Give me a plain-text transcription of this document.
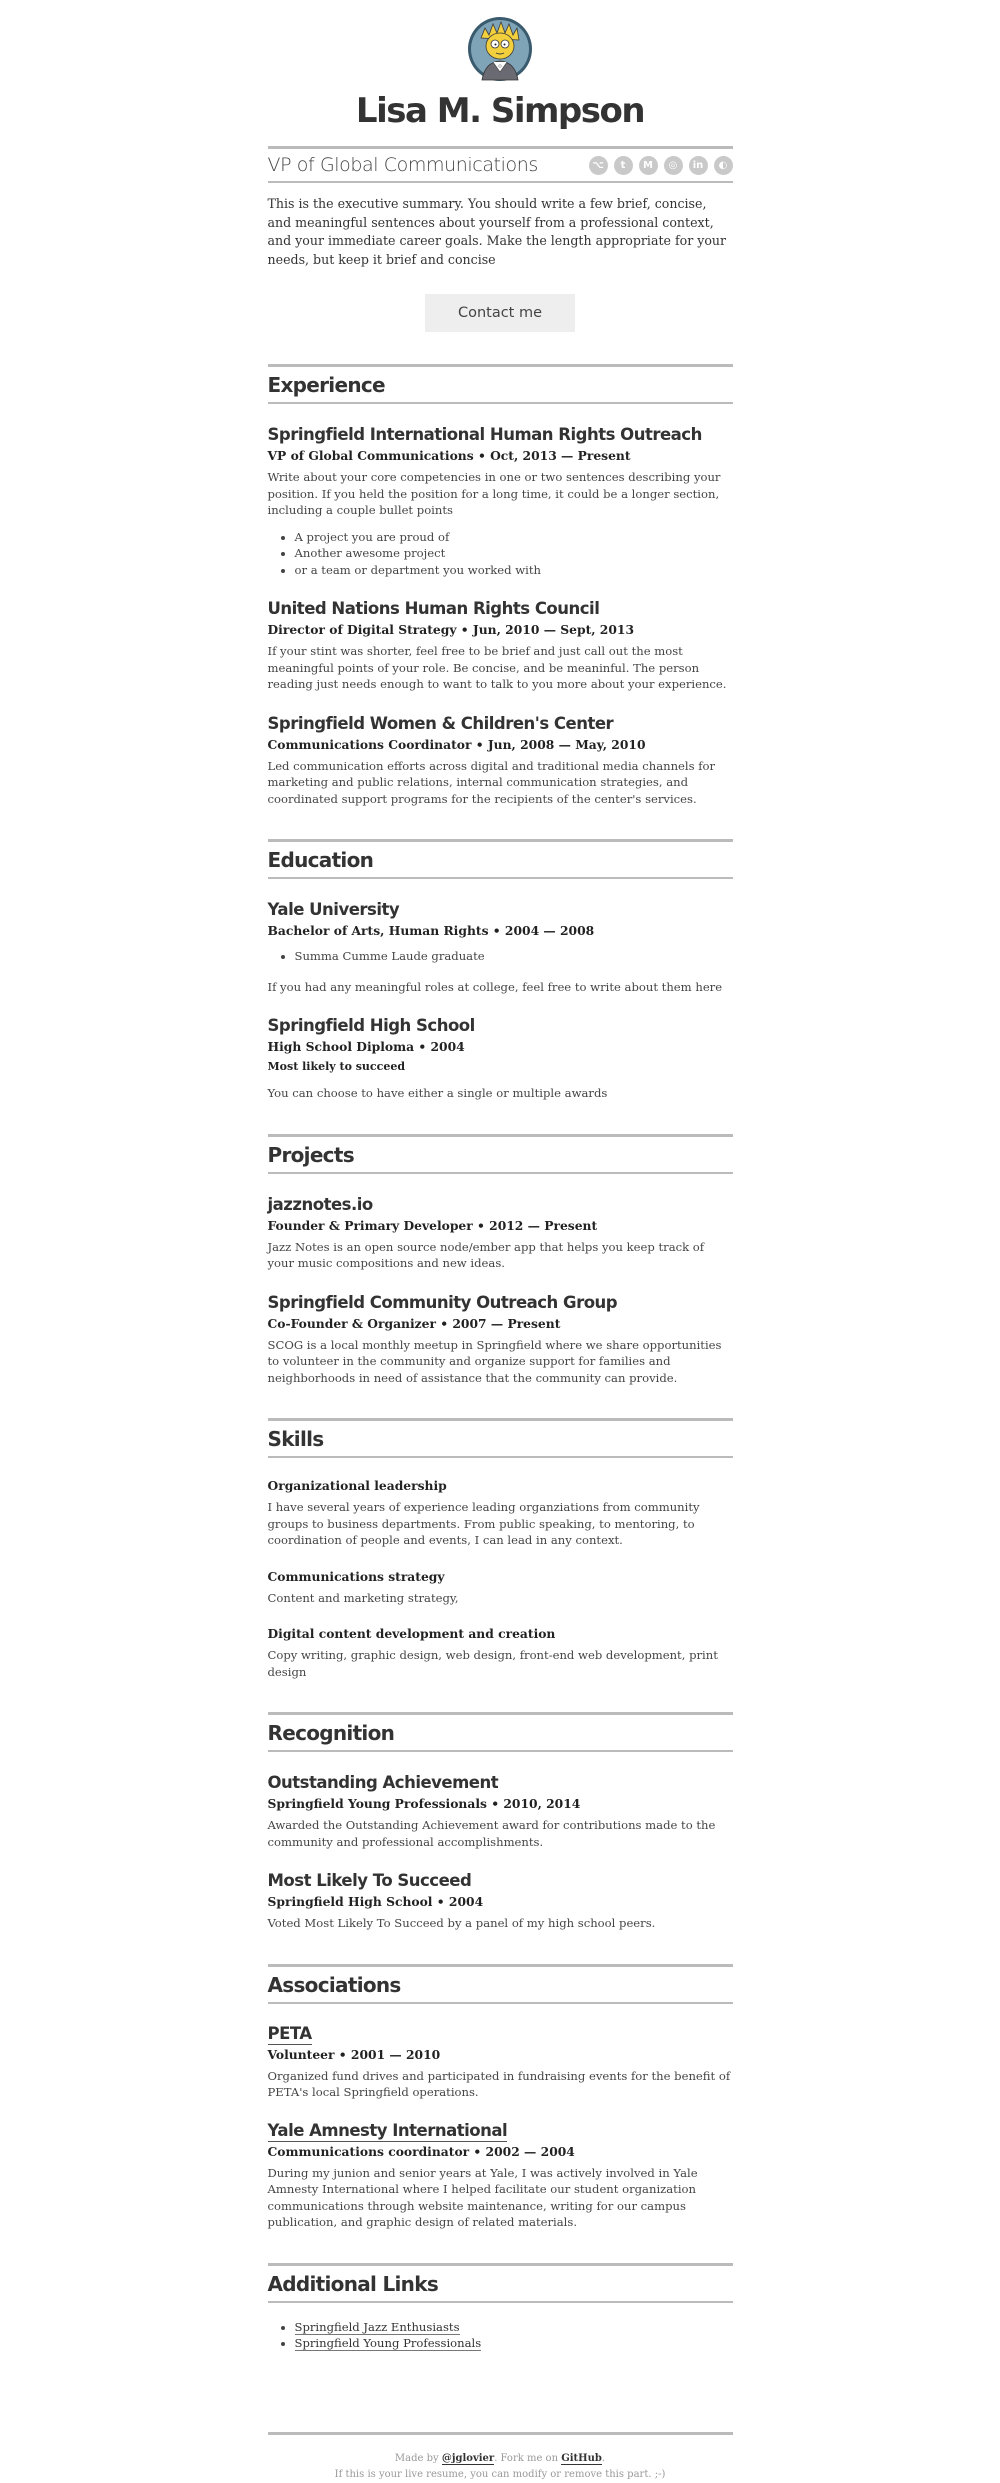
Lisa M. Simpson
VP of Global Communications	⌥	t	M	◎	in	◐

This is the executive summary. You should write a few brief, concise, and meaningful sentences about yourself from a professional context, and your immediate career goals. Make the length appropriate for your needs, but keep it brief and concise

Contact me
Experience
Springfield International Human Rights Outreach
VP of Global Communications • Oct, 2013 — Present

Write about your core competencies in one or two sentences describing your position. If you held the position for a long time, it could be a longer section, including a couple bullet points

• A project you are proud of
• Another awesome project
• or a team or department you worked with
United Nations Human Rights Council
Director of Digital Strategy • Jun, 2010 — Sept, 2013

If your stint was shorter, feel free to be brief and just call out the most meaningful points of your role. Be concise, and be meaninful. The person reading just needs enough to want to talk to you more about your experience.

Springfield Women & Children's Center
Communications Coordinator • Jun, 2008 — May, 2010

Led communication efforts across digital and traditional media channels for marketing and public relations, internal communication strategies, and coordinated support programs for the recipients of the center's services.

Education
Yale University
Bachelor of Arts, Human Rights • 2004 — 2008
• Summa Cumme Laude graduate

If you had any meaningful roles at college, feel free to write about them here

Springfield High School
High School Diploma • 2004
Most likely to succeed

You can choose to have either a single or multiple awards

Projects
jazznotes.io
Founder & Primary Developer • 2012 — Present

Jazz Notes is an open source node/ember app that helps you keep track of your music compositions and new ideas.

Springfield Community Outreach Group
Co-Founder & Organizer • 2007 — Present

SCOG is a local monthly meetup in Springfield where we share opportunities to volunteer in the community and organize support for families and neighborhoods in need of assistance that the community can provide.

Skills
Organizational leadership

I have several years of experience leading organziations from community groups to business departments. From public speaking, to mentoring, to coordination of people and events, I can lead in any context.

Communications strategy

Content and marketing strategy,

Digital content development and creation

Copy writing, graphic design, web design, front-end web development, print design

Recognition
Outstanding Achievement
Springfield Young Professionals • 2010, 2014

Awarded the Outstanding Achievement award for contributions made to the community and professional accomplishments.

Most Likely To Succeed
Springfield High School • 2004

Voted Most Likely To Succeed by a panel of my high school peers.

Associations
PETA
Volunteer • 2001 — 2010

Organized fund drives and participated in fundraising events for the benefit of PETA's local Springfield operations.

Yale Amnesty International
Communications coordinator • 2002 — 2004

During my junion and senior years at Yale, I was actively involved in Yale Amnesty International where I helped facilitate our student organization communications through website maintenance, writing for our campus publication, and graphic design of related materials.

Additional Links
• Springfield Jazz Enthusiasts
• Springfield Young Professionals
Made by @jglovier. Fork me on GitHub.
If this is your live resume, you can modify or remove this part. ;-)
